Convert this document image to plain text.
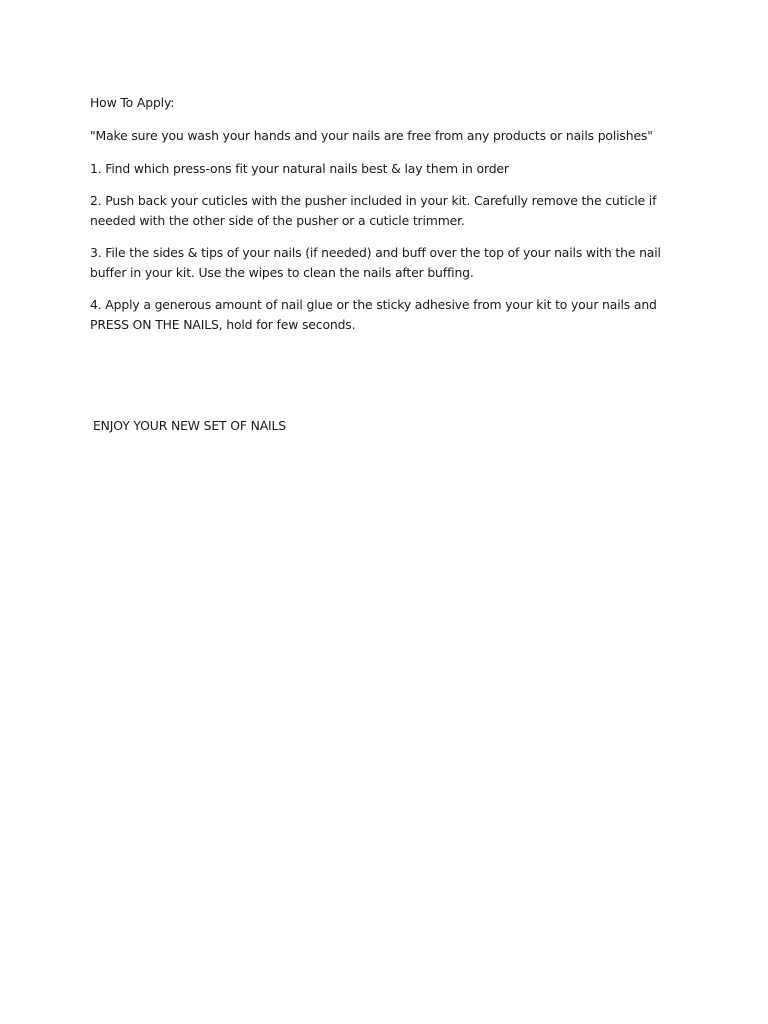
How To Apply:

"Make sure you wash your hands and your nails are free from any products or nails polishes"

1. Find which press-ons fit your natural nails best & lay them in order

2. Push back your cuticles with the pusher included in your kit. Carefully remove the cuticle if needed with the other side of the pusher or a cuticle trimmer.

3. File the sides & tips of your nails (if needed) and buff over the top of your nails with the nail buffer in your kit. Use the wipes to clean the nails after buffing.

4. Apply a generous amount of nail glue or the sticky adhesive from your kit to your nails and PRESS ON THE NAILS, hold for few seconds.

ENJOY YOUR NEW SET OF NAILS
